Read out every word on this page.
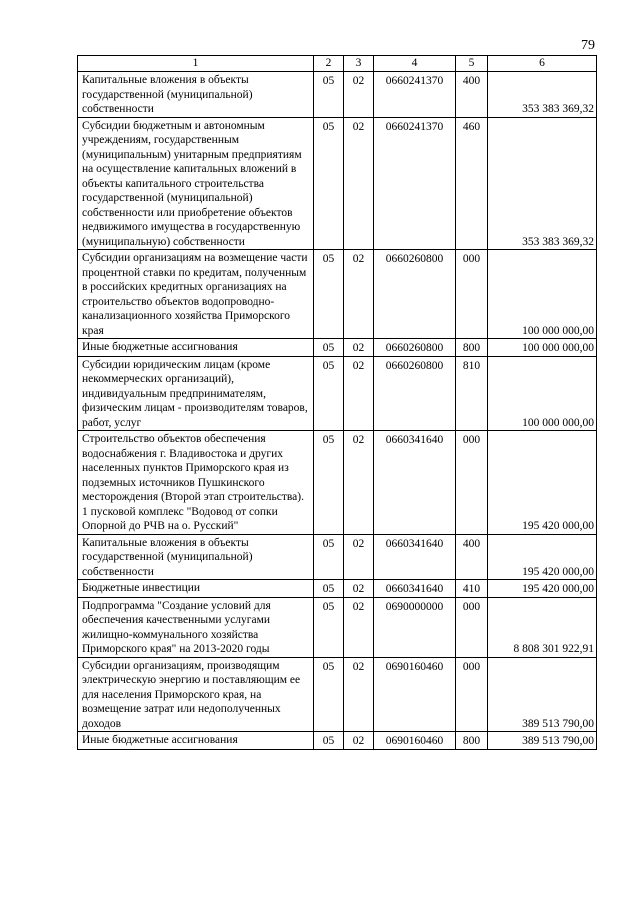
79
1	2	3	4	5	6
Капитальные вложения в объекты государственной (муниципальной) собственности	05	02	0660241370	400	353 383 369,32
Субсидии бюджетным и автономным учреждениям, государственным (муниципальным) унитарным предприятиям на осуществление капитальных вложений в объекты капитального строительства государственной (муниципальной) собственности или приобретение объектов недвижимого имущества в государственную (муниципальную) собственности	05	02	0660241370	460	353 383 369,32
Субсидии организациям на возмещение части процентной ставки по кредитам, полученным в российских кредитных организациях на строительство объектов водопроводно-канализационного хозяйства Приморского края	05	02	0660260800	000	100 000 000,00
Иные бюджетные ассигнования	05	02	0660260800	800	100 000 000,00
Субсидии юридическим лицам (кроме некоммерческих организаций), индивидуальным предпринимателям, физическим лицам - производителям товаров, работ, услуг	05	02	0660260800	810	100 000 000,00
Строительство объектов обеспечения водоснабжения г. Владивостока и других населенных пунктов Приморского края из подземных источников Пушкинского месторождения (Второй этап строительства). 1 пусковой комплекс "Водовод от сопки Опорной до РЧВ на о. Русский"	05	02	0660341640	000	195 420 000,00
Капитальные вложения в объекты государственной (муниципальной) собственности	05	02	0660341640	400	195 420 000,00
Бюджетные инвестиции	05	02	0660341640	410	195 420 000,00
Подпрограмма "Создание условий для обеспечения качественными услугами жилищно-коммунального хозяйства Приморского края" на 2013-2020 годы	05	02	0690000000	000	8 808 301 922,91
Субсидии организациям, производящим электрическую энергию и поставляющим ее для населения Приморского края, на возмещение затрат или недополученных доходов	05	02	0690160460	000	389 513 790,00
Иные бюджетные ассигнования	05	02	0690160460	800	389 513 790,00
